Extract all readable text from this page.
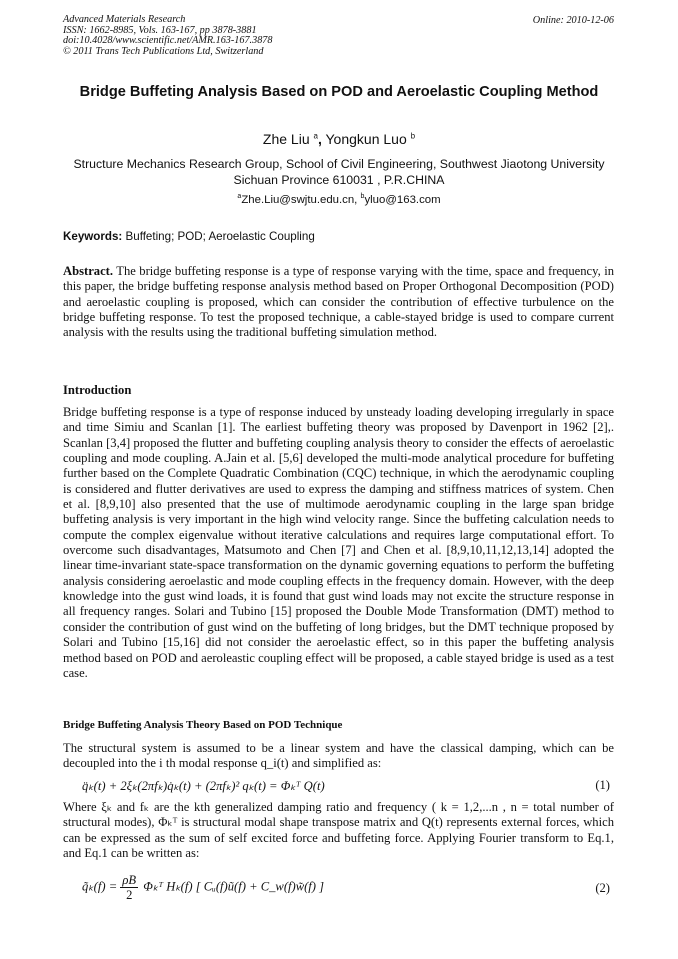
Advanced Materials Research
ISSN: 1662-8985, Vols. 163-167, pp 3878-3881
doi:10.4028/www.scientific.net/AMR.163-167.3878
© 2011 Trans Tech Publications Ltd, Switzerland
Online: 2010-12-06
Bridge Buffeting Analysis Based on POD and Aeroelastic Coupling Method
Zhe Liu $^a$, Yongkun Luo $^b$
Structure Mechanics Research Group, School of Civil Engineering, Southwest Jiaotong University
Sichuan Province 610031 , P.R.CHINA
$^a$Zhe.Liu@swjtu.edu.cn, $^b$yluo@163.com
Keywords: Buffeting; POD; Aeroelastic Coupling
Abstract. The bridge buffeting response is a type of response varying with the time, space and frequency, in this paper, the bridge buffeting response analysis method based on Proper Orthogonal Decomposition (POD) and aeroelastic coupling is proposed, which can consider the contribution of effective turbulence on the bridge buffeting response. To test the proposed technique, a cable-stayed bridge is used to compare current analysis with the results using the traditional buffeting simulation method.
Introduction
Bridge buffeting response is a type of response induced by unsteady loading developing irregularly in space and time Simiu and Scanlan [1]. The earliest buffeting theory was proposed by Davenport in 1962 [2],. Scanlan [3,4] proposed the flutter and buffeting coupling analysis theory to consider the effects of aeroelastic coupling and mode coupling. A.Jain et al. [5,6] developed the multi-mode analytical procedure for buffeting further based on the Complete Quadratic Combination (CQC) technique, in which the aerodynamic coupling is considered and flutter derivatives are used to express the damping and stiffness matrices of system. Chen et al. [8,9,10] also presented that the use of multimode aerodynamic coupling in the large span bridge buffeting analysis is very important in the high wind velocity range. Since the buffeting calculation needs to compute the complex eigenvalue without iterative calculations and requires large computational effort. To overcome such disadvantages, Matsumoto and Chen [7] and Chen et al. [8,9,10,11,12,13,14] adopted the linear time-invariant state-space transformation on the dynamic governing equations to perform the buffeting analysis considering aeroelastic and mode coupling effects in the frequency domain. However, with the deep knowledge into the gust wind loads, it is found that gust wind loads may not excite the structure response in all frequency ranges. Solari and Tubino [15] proposed the Double Mode Transformation (DMT) method to consider the contribution of gust wind on the buffeting of long bridges, but the DMT technique proposed by Solari and Tubino [15,16] did not consider the aeroelastic effect, so in this paper the buffeting analysis method based on POD and aeroleastic coupling effect will be proposed, a cable stayed bridge is used as a test case.
Bridge Buffeting Analysis Theory Based on POD Technique
The structural system is assumed to be a linear system and have the classical damping, which can be decoupled into the i th modal response q_i(t) and simplified as:
q̈ₖ(t) + 2ξₖ(2πfₖ)q̇ₖ(t) + (2πfₖ)² qₖ(t) = Φₖᵀ Q(t)	(1)
Where ξₖ and fₖ are the kth generalized damping ratio and frequency ( k = 1,2,...n , n = total number of structural modes), Φₖᵀ is structural modal shape transpose matrix and Q(t) represents external forces, which can be expressed as the sum of self excited force and buffeting force. Applying Fourier transform to Eq.1, and Eq.1 can be written as:
q̃ₖ(f) = $\frac{\rho B}{2}$ Φₖᵀ Hₖ(f) [ Cᵤ(f)ũ(f) + C_w(f)w̃(f) ]	(2)
